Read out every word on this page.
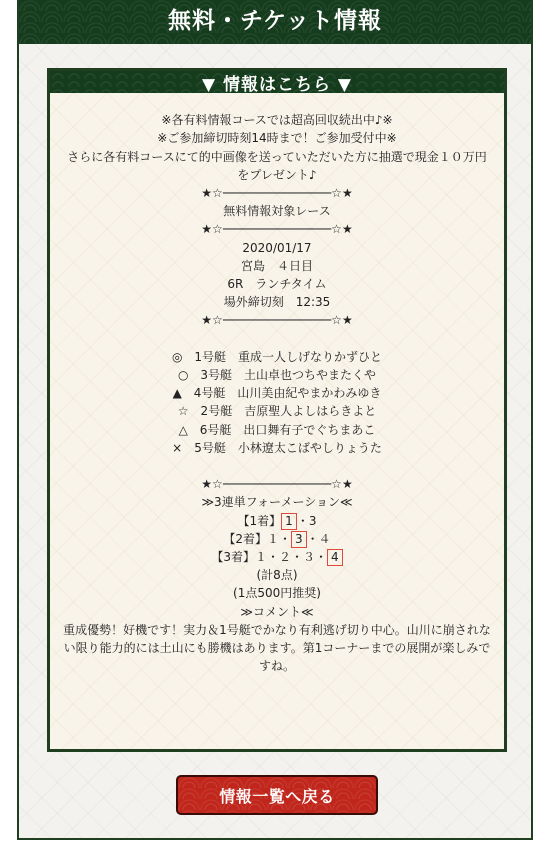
無料・チケット情報
▼ 情報はこちら ▼
※各有料情報コースでは超高回収続出中♪※
※ご参加締切時刻14時まで！ご参加受付中※
さらに各有料コースにて的中画像を送っていただいた方に抽選で現金１０万円をプレゼント♪
★☆───────────────☆★
無料情報対象レース
★☆───────────────☆★
2020/01/17
宮島　４日目
6R　ランチタイム
場外締切刻　12:35
★☆───────────────☆★
◎　1号艇　重成一人しげなりかずひと
○　3号艇　土山卓也つちやまたくや
▲　4号艇　山川美由紀やまかわみゆき
☆　2号艇　吉原聖人よしはらきよと
△　6号艇　出口舞有子でぐちまあこ
×　5号艇　小林遼太こばやしりょうた
★☆───────────────☆★
≫3連単フォーメーション≪
【1着】 1 ・3
【2着】１・ 3 ・４
【3着】１・２・３・ 4
(計8点)
(1点500円推奨)
≫コメント≪
重成優勢！好機です！実力＆1号艇でかなり有利逃げ切り中心。山川に崩されない限り能力的には土山にも勝機はあります。第1コーナーまでの展開が楽しみですね。
情報一覧へ戻る
